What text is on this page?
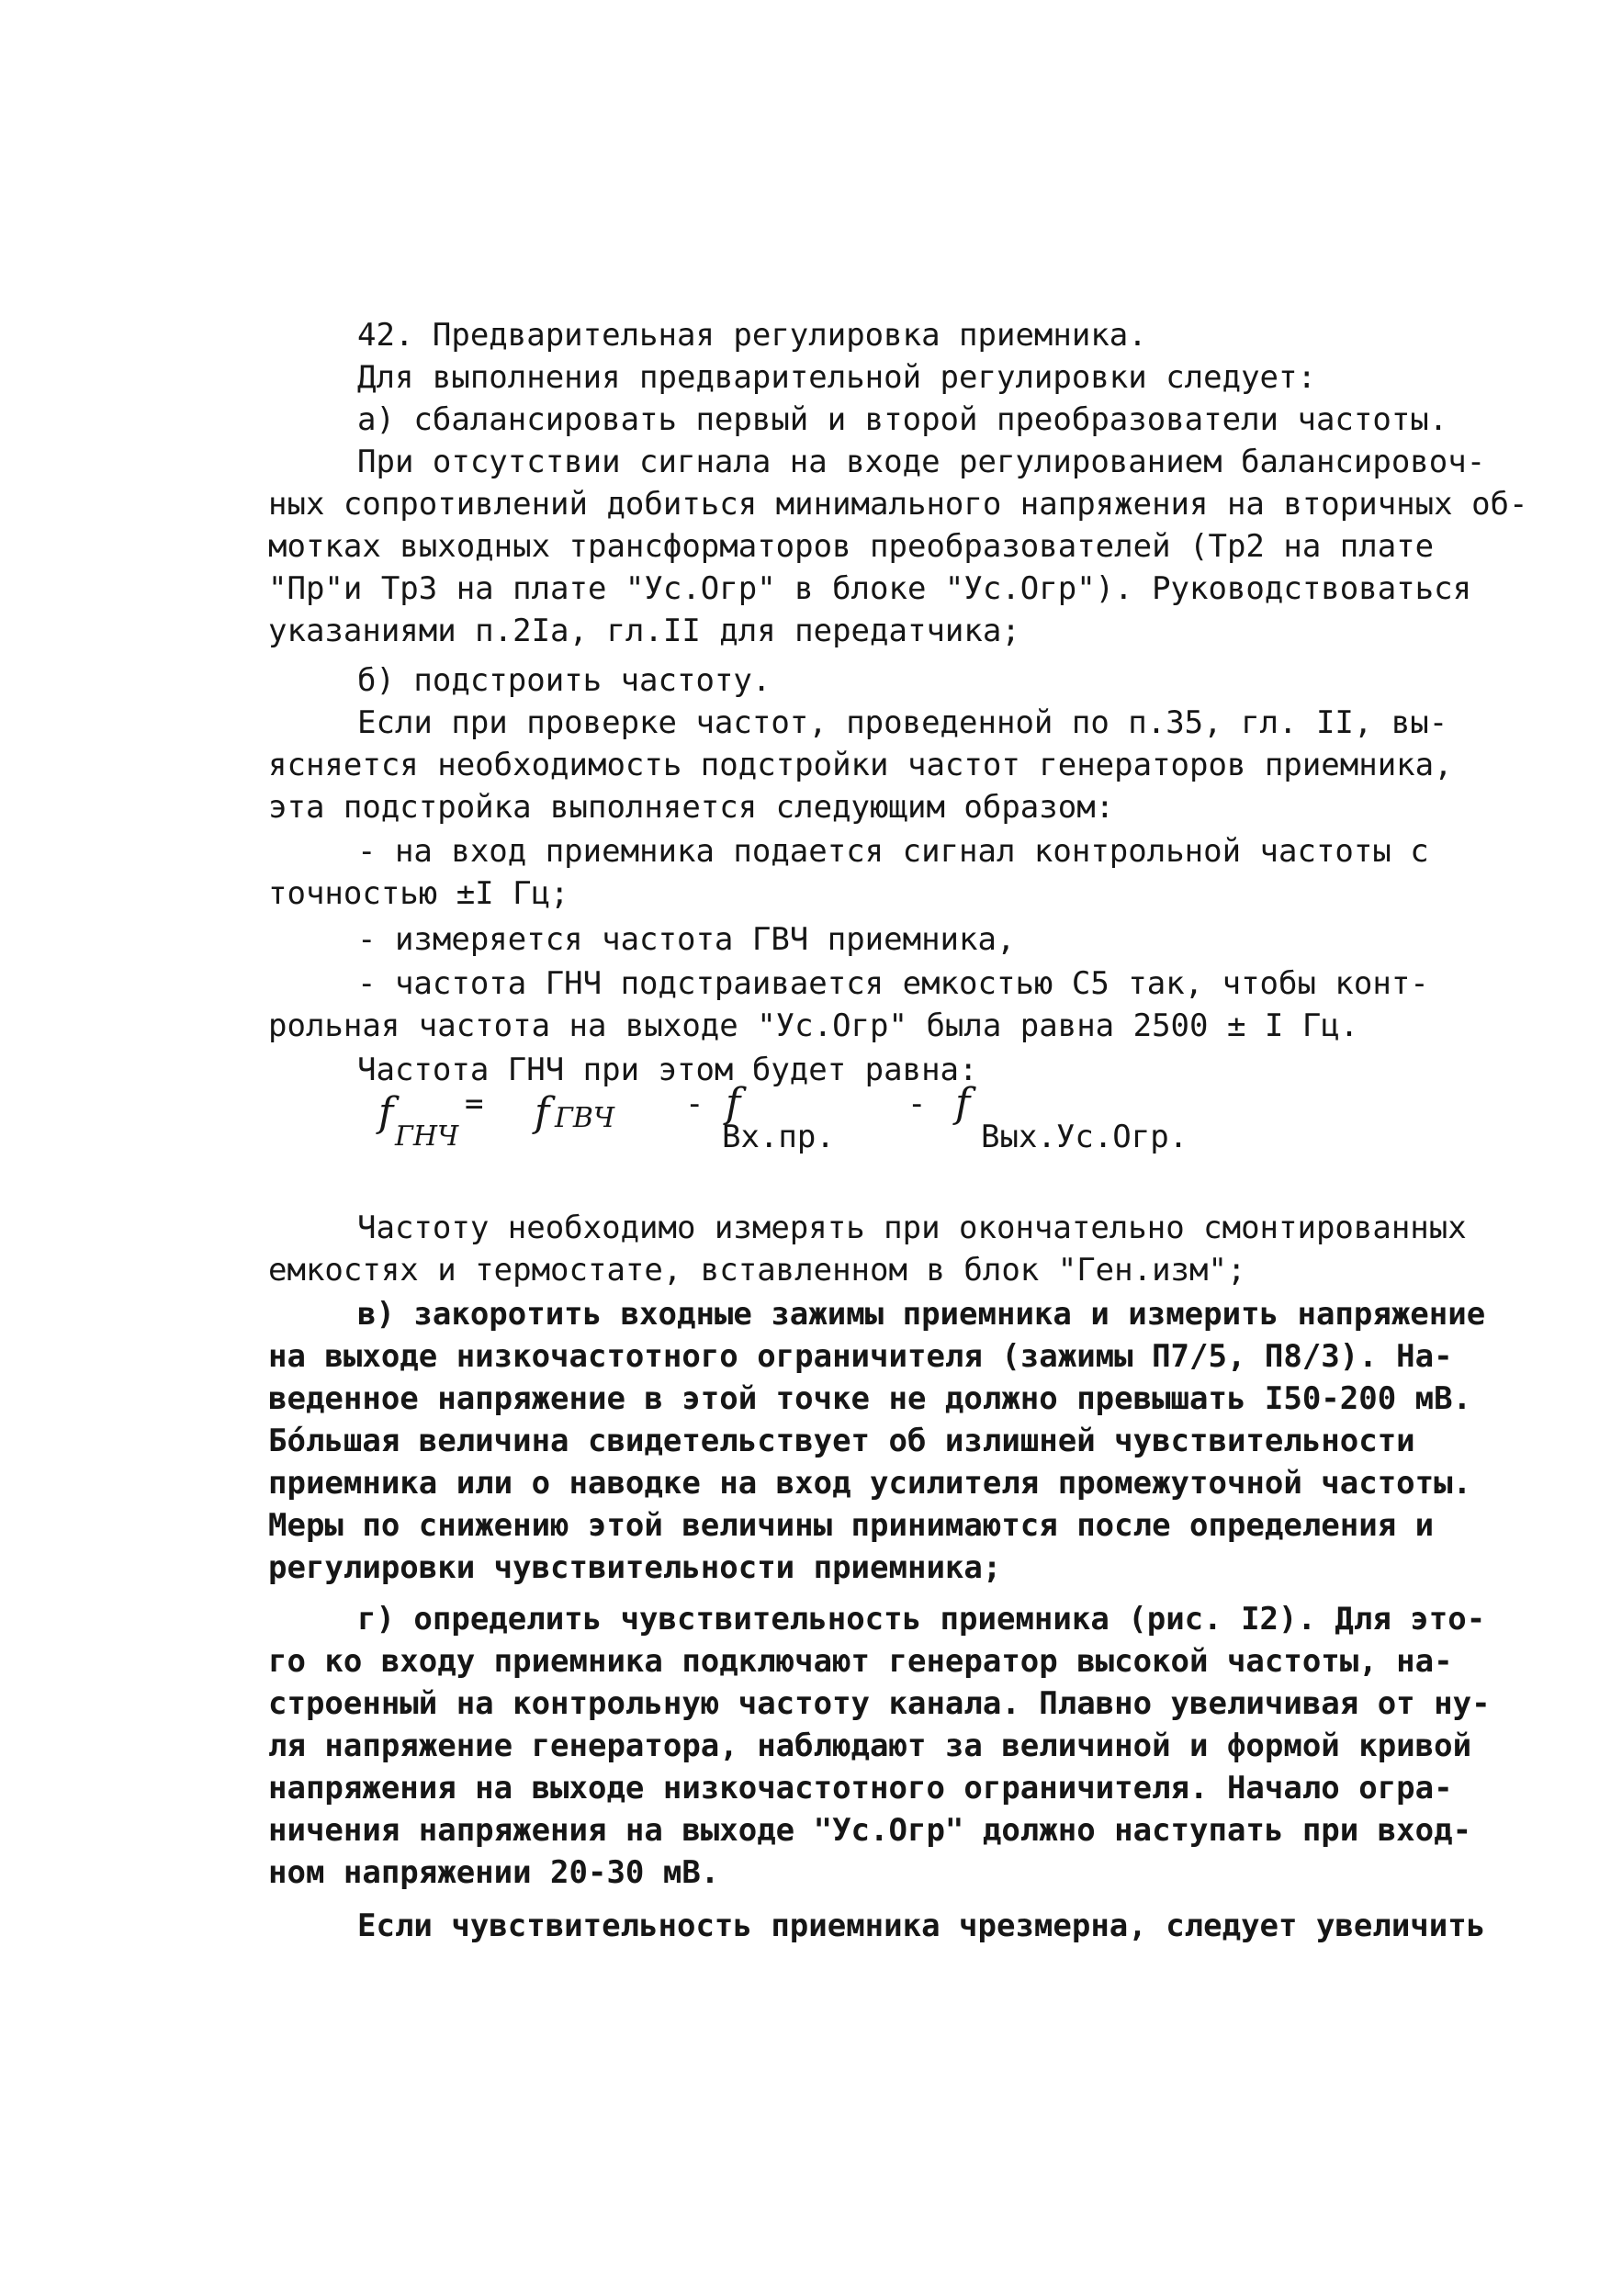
42. Предварительная регулировка приемника.

Для выполнения предварительной регулировки следует:

а) сбалансировать первый и второй преобразователи частоты.

При отсутствии сигнала на входе регулированием балансировоч-

ных сопротивлений добиться минимального напряжения на вторичных об-

мотках выходных трансформаторов преобразователей (Тр2 на плате

"Пр"и Тр3 на плате "Ус.Огр" в блоке "Ус.Огр"). Руководствоваться

указаниями п.2Iа, гл.II для передатчика;

б) подстроить частоту.

Если при проверке частот, проведенной по п.35, гл. II, вы-

ясняется необходимость подстройки частот генераторов приемника,

эта подстройка выполняется следующим образом:

- на вход приемника подается сигнал контрольной частоты с

точностью ±I Гц;

- измеряется частота ГВЧ приемника,

- частота ГНЧ подстраивается емкостью С5 так, чтобы конт-

рольная частота на выходе "Ус.Огр" была равна 2500 ± I Гц.

Частота ГНЧ при этом будет равна:

f
ГНЧ
= f ГВЧ - f
Вх.пр.
- f
Вых.Ус.Огр.

Частоту необходимо измерять при окончательно смонтированных

емкостях и термостате, вставленном в блок "Ген.изм";

в) закоротить входные зажимы приемника и измерить напряжение

на выходе низкочастотного ограничителя (зажимы П7/5, П8/3). На-

веденное напряжение в этой точке не должно превышать I50-200 мВ.

Бо́льшая величина свидетельствует об излишней чувствительности

приемника или о наводке на вход усилителя промежуточной частоты.

Меры по снижению этой величины принимаются после определения и

регулировки чувствительности приемника;

г) определить чувствительность приемника (рис. I2). Для это-

го ко входу приемника подключают генератор высокой частоты, на-

строенный на контрольную частоту канала. Плавно увеличивая от ну-

ля напряжение генератора, наблюдают за величиной и формой кривой

напряжения на выходе низкочастотного ограничителя. Начало огра-

ничения напряжения на выходе "Ус.Огр" должно наступать при вход-

ном напряжении 20-30 мВ.

Если чувствительность приемника чрезмерна, следует увеличить
